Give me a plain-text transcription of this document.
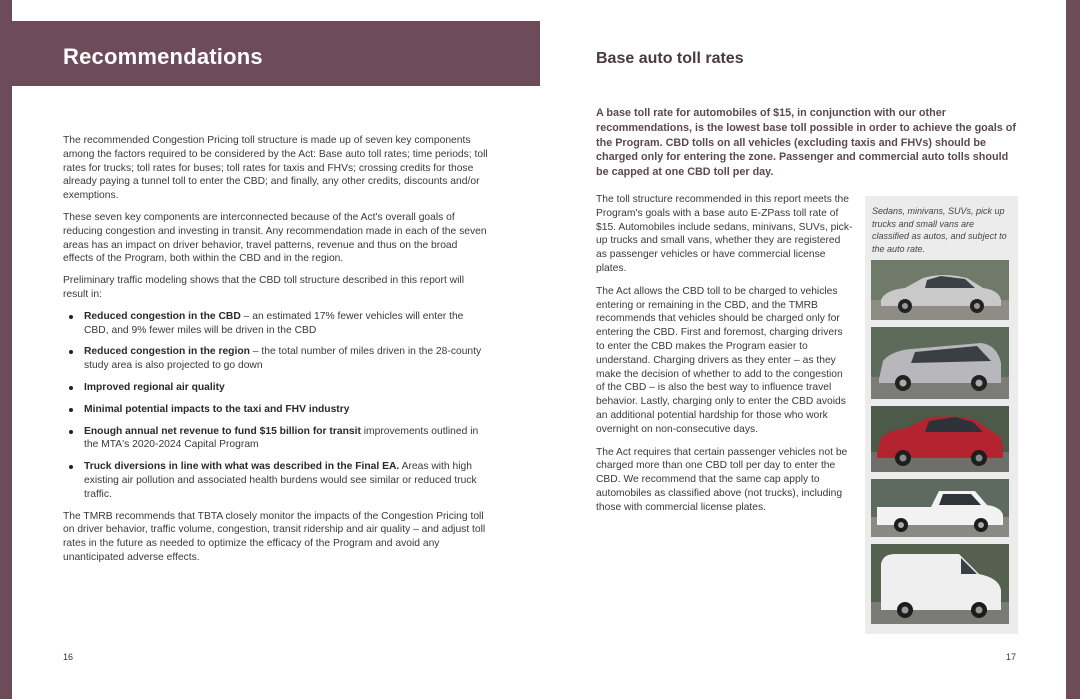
Recommendations

The recommended Congestion Pricing toll structure is made up of seven key components among the factors required to be considered by the Act: Base auto toll rates; time periods; toll rates for trucks; toll rates for buses; toll rates for taxis and FHVs; crossing credits for those already paying a tunnel toll to enter the CBD; and finally, any other credits, discounts and/or exemptions.

These seven key components are interconnected because of the Act's overall goals of reducing congestion and investing in transit. Any recommendation made in each of the seven areas has an impact on driver behavior, travel patterns, revenue and thus on the broad effects of the Program, both within the CBD and in the region.

Preliminary traffic modeling shows that the CBD toll structure described in this report will result in:

Reduced congestion in the CBD – an estimated 17% fewer vehicles will enter the CBD, and 9% fewer miles will be driven in the CBD
Reduced congestion in the region – the total number of miles driven in the 28-county study area is also projected to go down
Improved regional air quality
Minimal potential impacts to the taxi and FHV industry
Enough annual net revenue to fund $15 billion for transit improvements outlined in the MTA's 2020-2024 Capital Program
Truck diversions in line with what was described in the Final EA. Areas with high existing air pollution and associated health burdens would see similar or reduced truck traffic.

The TMRB recommends that TBTA closely monitor the impacts of the Congestion Pricing toll on driver behavior, traffic volume, congestion, transit ridership and air quality – and adjust toll rates in the future as needed to optimize the efficacy of the Program and avoid any unanticipated adverse effects.

16
Base auto toll rates
A base toll rate for automobiles of $15, in conjunction with our other recommendations, is the lowest base toll possible in order to achieve the goals of the Program. CBD tolls on all vehicles (excluding taxis and FHVs) should be charged only for entering the zone. Passenger and commercial auto tolls should be capped at one CBD toll per day.

The toll structure recommended in this report meets the Program's goals with a base auto E-ZPass toll rate of $15. Automobiles include sedans, minivans, SUVs, pick-up trucks and small vans, whether they are registered as passenger vehicles or have commercial license plates.

The Act allows the CBD toll to be charged to vehicles entering or remaining in the CBD, and the TMRB recommends that vehicles should be charged only for entering the CBD. First and foremost, charging drivers to enter the CBD makes the Program easier to understand. Charging drivers as they enter – as they make the decision of whether to add to the congestion of the CBD – is also the best way to influence travel behavior. Lastly, charging only to enter the CBD avoids an additional potential hardship for those who work overnight on non-consecutive days.

The Act requires that certain passenger vehicles not be charged more than one CBD toll per day to enter the CBD. We recommend that the same cap apply to automobiles as classified above (not trucks), including those with commercial license plates.

Sedans, minivans, SUVs, pick up trucks and small vans are classified as autos, and subject to the auto rate.
17
